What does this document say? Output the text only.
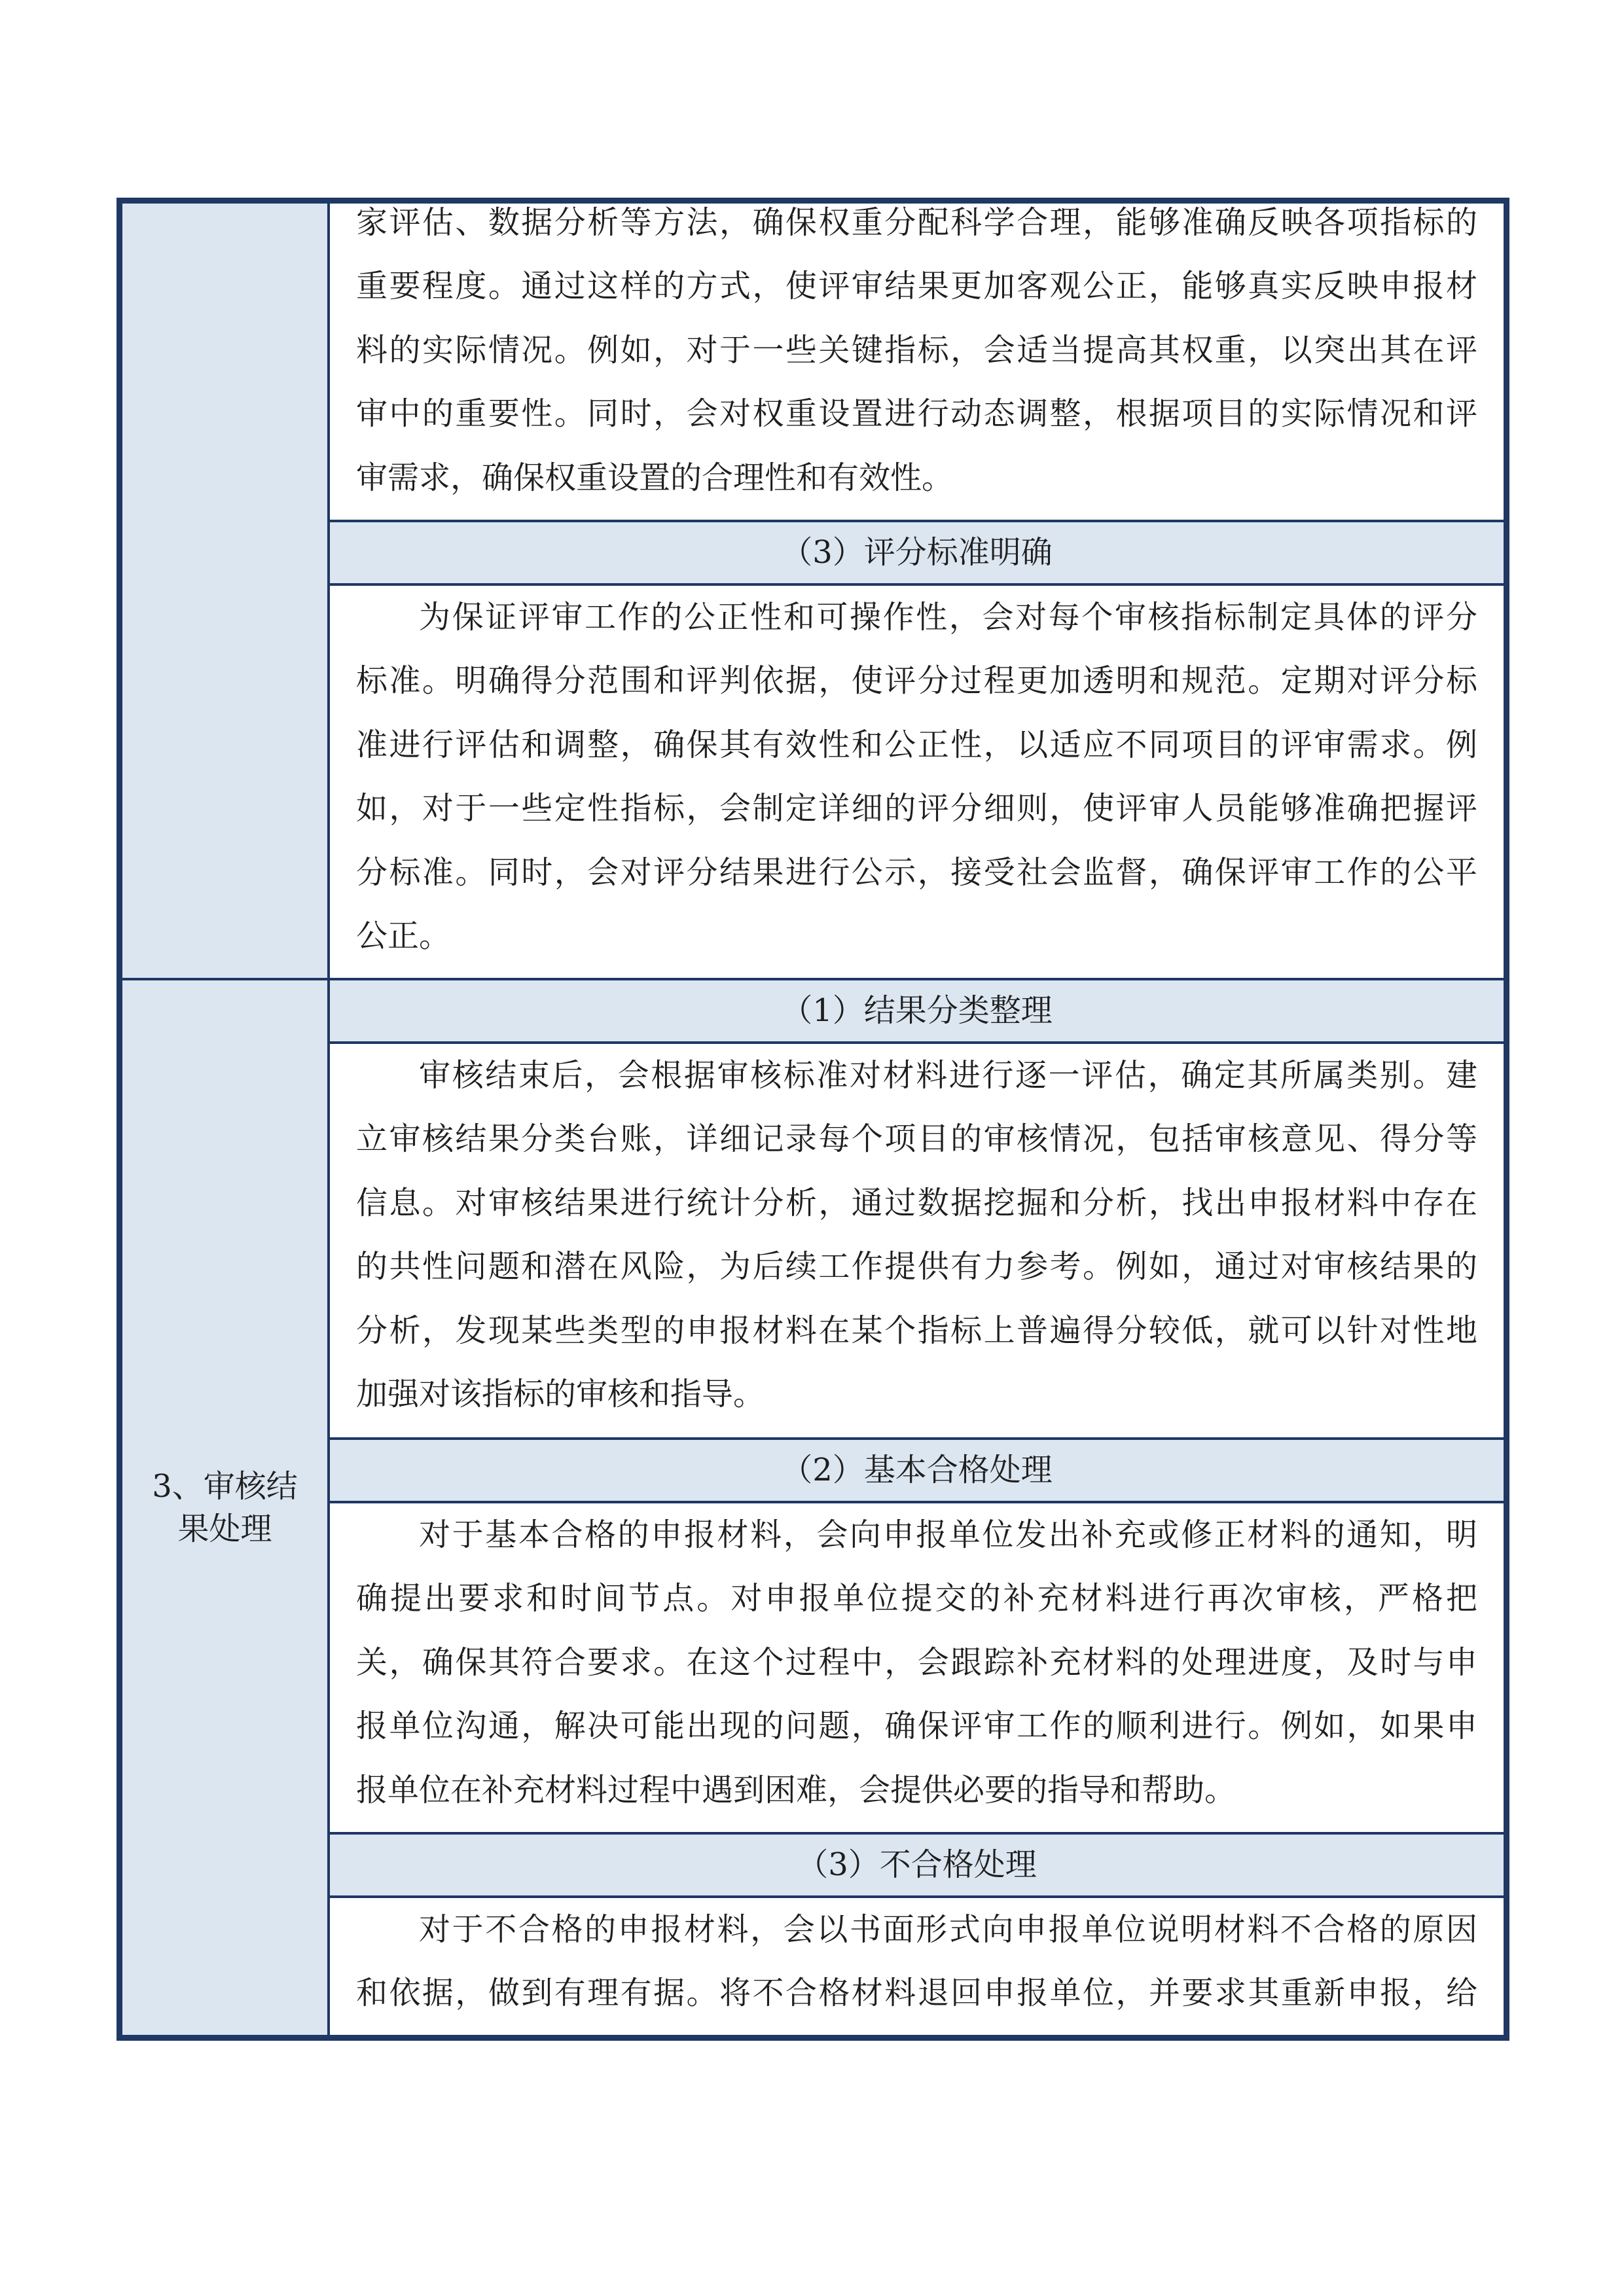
3、审核结果处理
家评估、数据分析等方法，确保权重分配科学合理，能够准确反映各项指标的
重要程度。通过这样的方式，使评审结果更加客观公正，能够真实反映申报材
料的实际情况。例如，对于一些关键指标，会适当提高其权重，以突出其在评
审中的重要性。同时，会对权重设置进行动态调整，根据项目的实际情况和评
审需求，确保权重设置的合理性和有效性。
（3）评分标准明确
为保证评审工作的公正性和可操作性，会对每个审核指标制定具体的评分
标准。明确得分范围和评判依据，使评分过程更加透明和规范。定期对评分标
准进行评估和调整，确保其有效性和公正性，以适应不同项目的评审需求。例
如，对于一些定性指标，会制定详细的评分细则，使评审人员能够准确把握评
分标准。同时，会对评分结果进行公示，接受社会监督，确保评审工作的公平
公正。
（1）结果分类整理
审核结束后，会根据审核标准对材料进行逐一评估，确定其所属类别。建
立审核结果分类台账，详细记录每个项目的审核情况，包括审核意见、得分等
信息。对审核结果进行统计分析，通过数据挖掘和分析，找出申报材料中存在
的共性问题和潜在风险，为后续工作提供有力参考。例如，通过对审核结果的
分析，发现某些类型的申报材料在某个指标上普遍得分较低，就可以针对性地
加强对该指标的审核和指导。
（2）基本合格处理
对于基本合格的申报材料，会向申报单位发出补充或修正材料的通知，明
确提出要求和时间节点。对申报单位提交的补充材料进行再次审核，严格把
关，确保其符合要求。在这个过程中，会跟踪补充材料的处理进度，及时与申
报单位沟通，解决可能出现的问题，确保评审工作的顺利进行。例如，如果申
报单位在补充材料过程中遇到困难，会提供必要的指导和帮助。
（3）不合格处理
对于不合格的申报材料，会以书面形式向申报单位说明材料不合格的原因
和依据，做到有理有据。将不合格材料退回申报单位，并要求其重新申报，给
